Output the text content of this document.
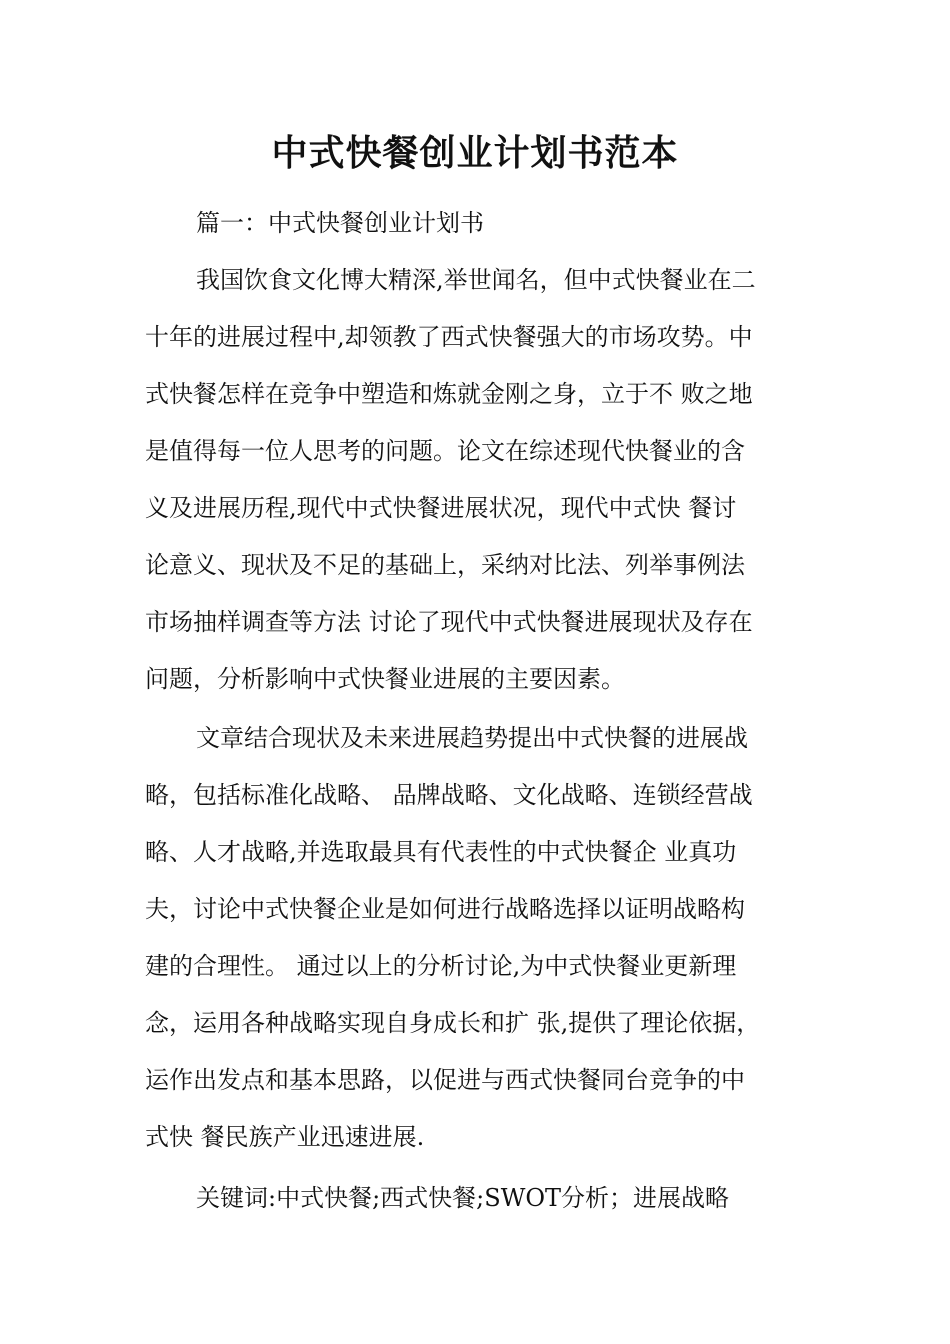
中式快餐创业计划书范本
篇一：中式快餐创业计划书
我国饮食文化博大精深,举世闻名，但中式快餐业在二
十年的进展过程中,却领教了西式快餐强大的市场攻势。中
式快餐怎样在竞争中塑造和炼就金刚之身，立于不 败之地
是值得每一位人思考的问题。论文在综述现代快餐业的含
义及进展历程,现代中式快餐进展状况，现代中式快 餐讨
论意义、现状及不足的基础上，采纳对比法、列举事例法
市场抽样调查等方法 讨论了现代中式快餐进展现状及存在
问题，分析影响中式快餐业进展的主要因素。
文章结合现状及未来进展趋势提出中式快餐的进展战
略，包括标准化战略、 品牌战略、文化战略、连锁经营战
略、人才战略,并选取最具有代表性的中式快餐企 业真功
夫，讨论中式快餐企业是如何进行战略选择以证明战略构
建的合理性。 通过以上的分析讨论,为中式快餐业更新理
念，运用各种战略实现自身成长和扩 张,提供了理论依据，
运作出发点和基本思路，以促进与西式快餐同台竞争的中
式快 餐民族产业迅速进展.
关键词:中式快餐;西式快餐;SWOT分析；进展战略
